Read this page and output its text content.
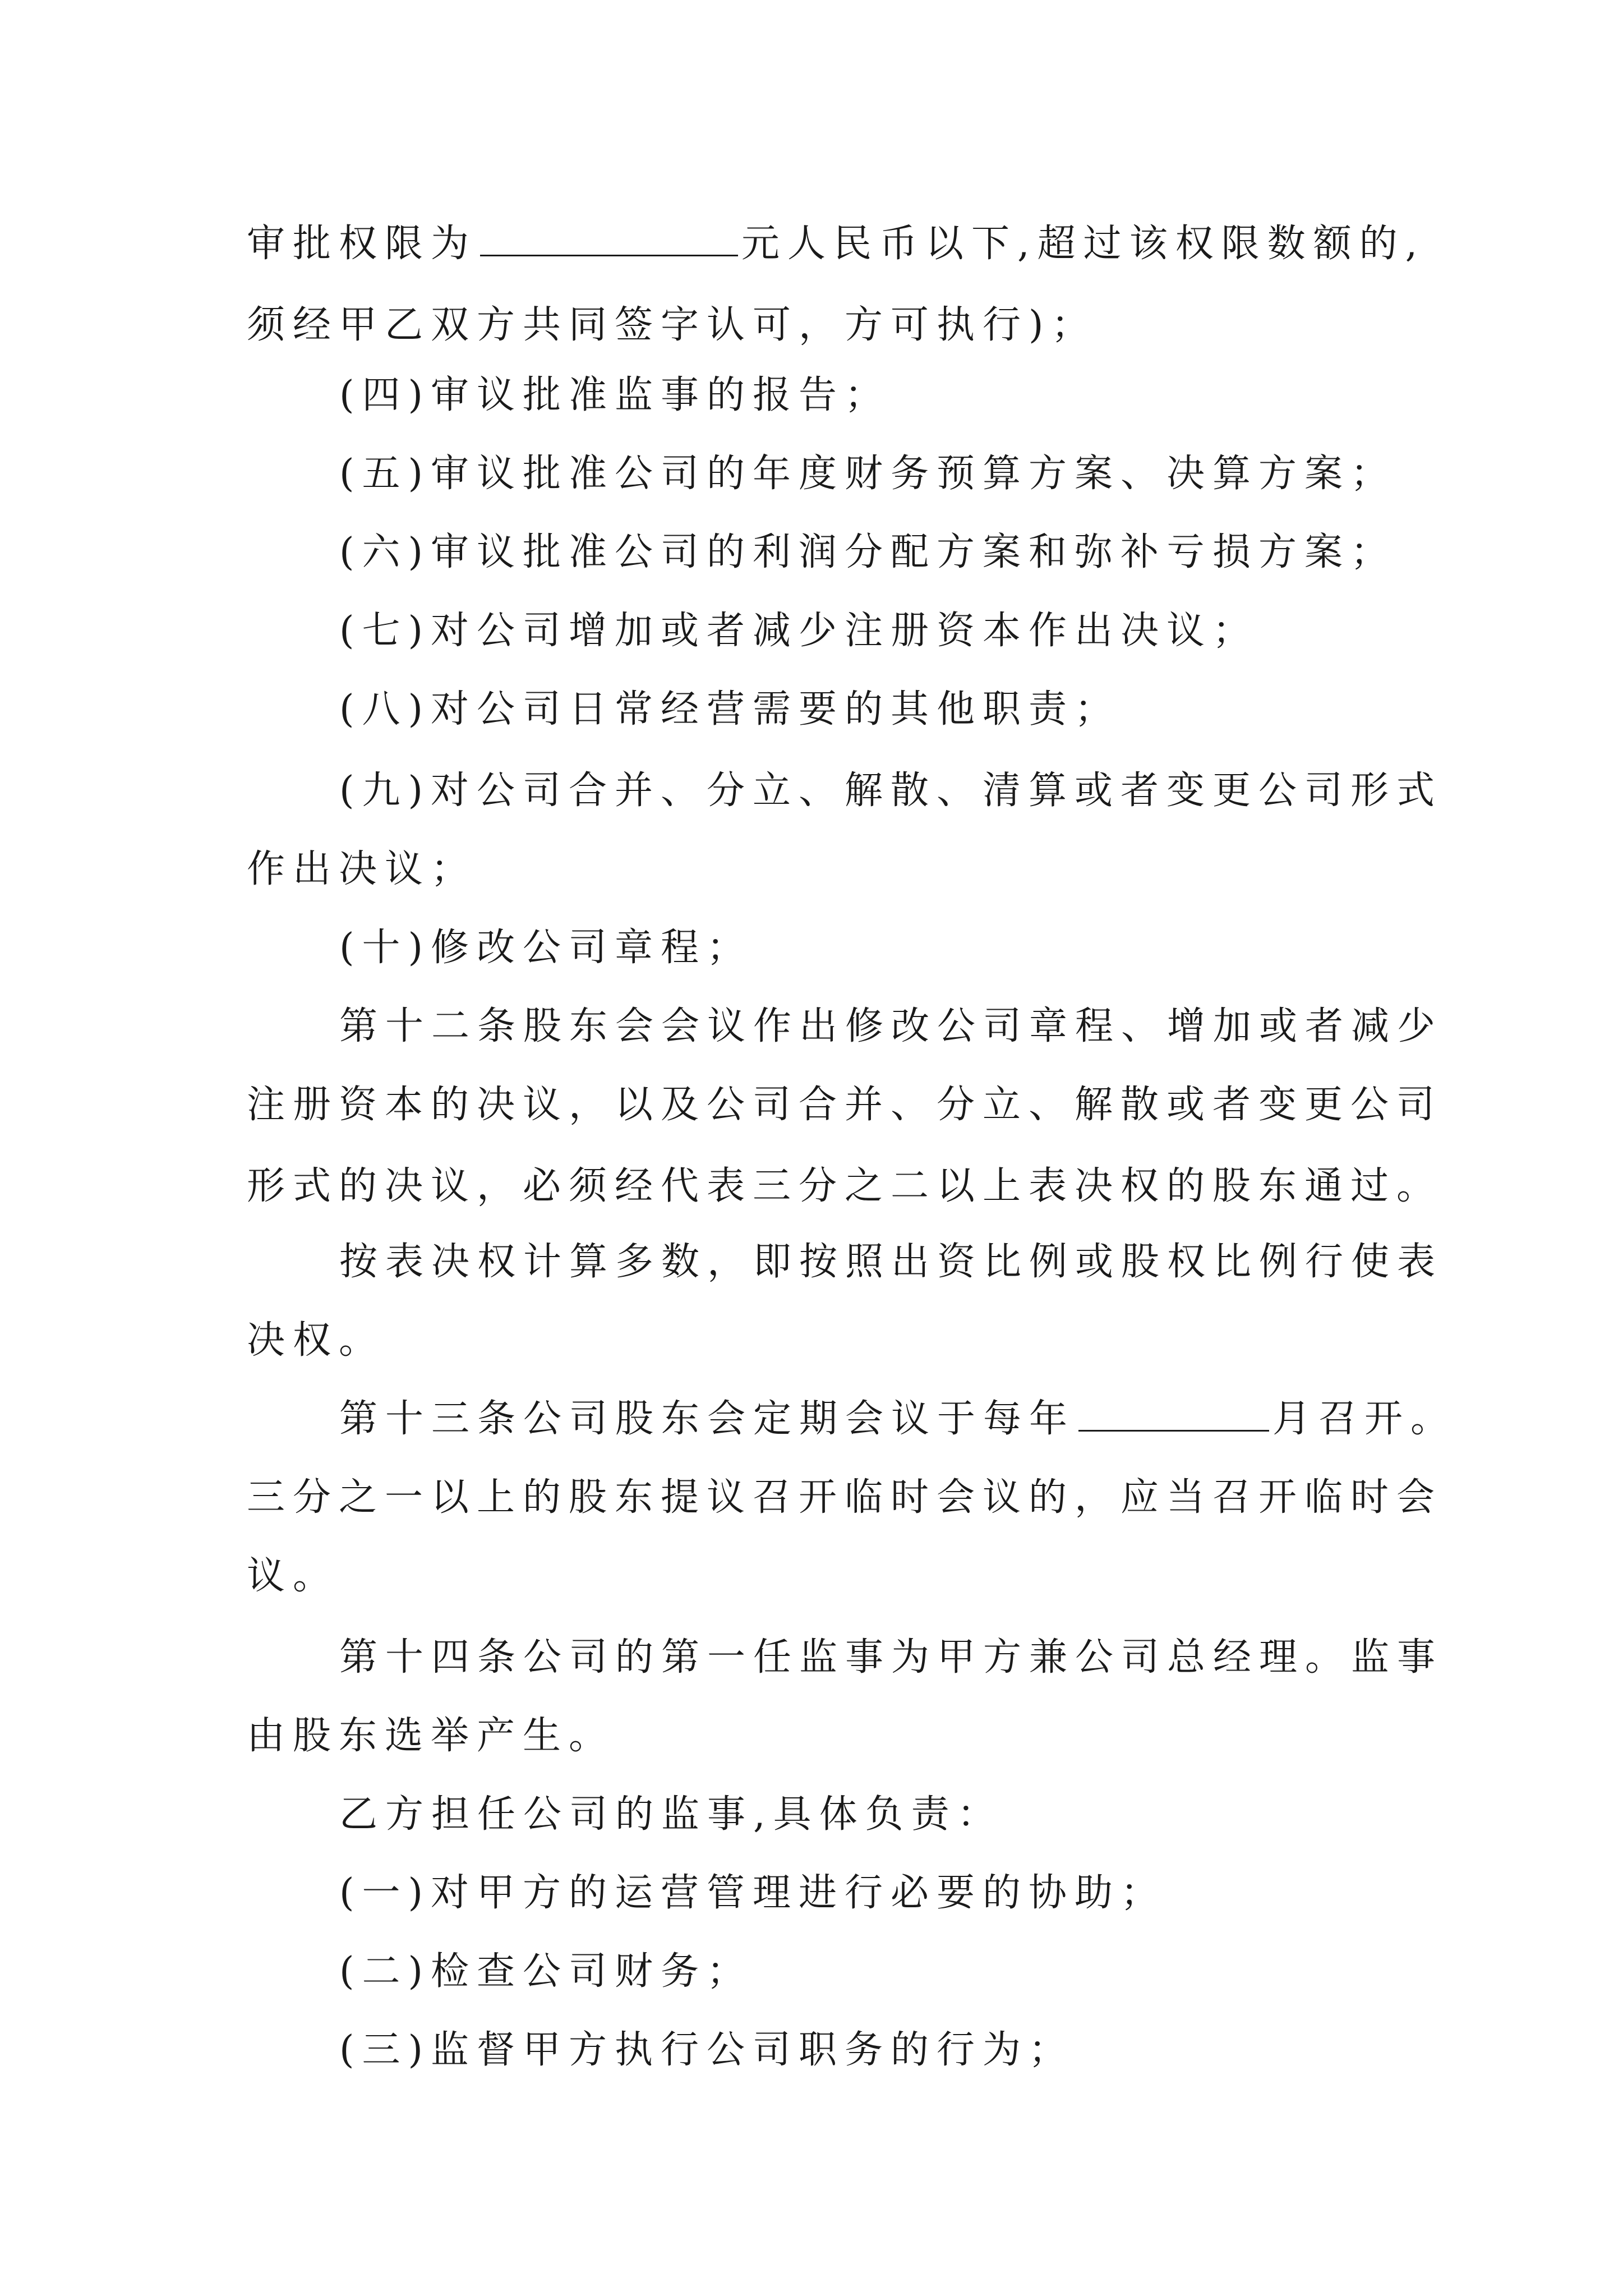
审批权限为	元人民币以下,超过该权限数额的,
须经甲乙双方共同签字认可，方可执行)；
(四)审议批准监事的报告；
(五)审议批准公司的年度财务预算方案、决算方案；
(六)审议批准公司的利润分配方案和弥补亏损方案；
(七)对公司增加或者减少注册资本作出决议；
(八)对公司日常经营需要的其他职责；
(九)对公司合并、分立、解散、清算或者变更公司形式
作出决议；
(十)修改公司章程；
第十二条股东会会议作出修改公司章程、增加或者减少
注册资本的决议，以及公司合并、分立、解散或者变更公司
形式的决议，必须经代表三分之二以上表决权的股东通过。
按表决权计算多数，即按照出资比例或股权比例行使表
决权。
第十三条公司股东会定期会议于每年	月召开。
三分之一以上的股东提议召开临时会议的，应当召开临时会
议。
第十四条公司的第一任监事为甲方兼公司总经理。监事
由股东选举产生。
乙方担任公司的监事,具体负责：
(一)对甲方的运营管理进行必要的协助；
(二)检查公司财务；
(三)监督甲方执行公司职务的行为；
